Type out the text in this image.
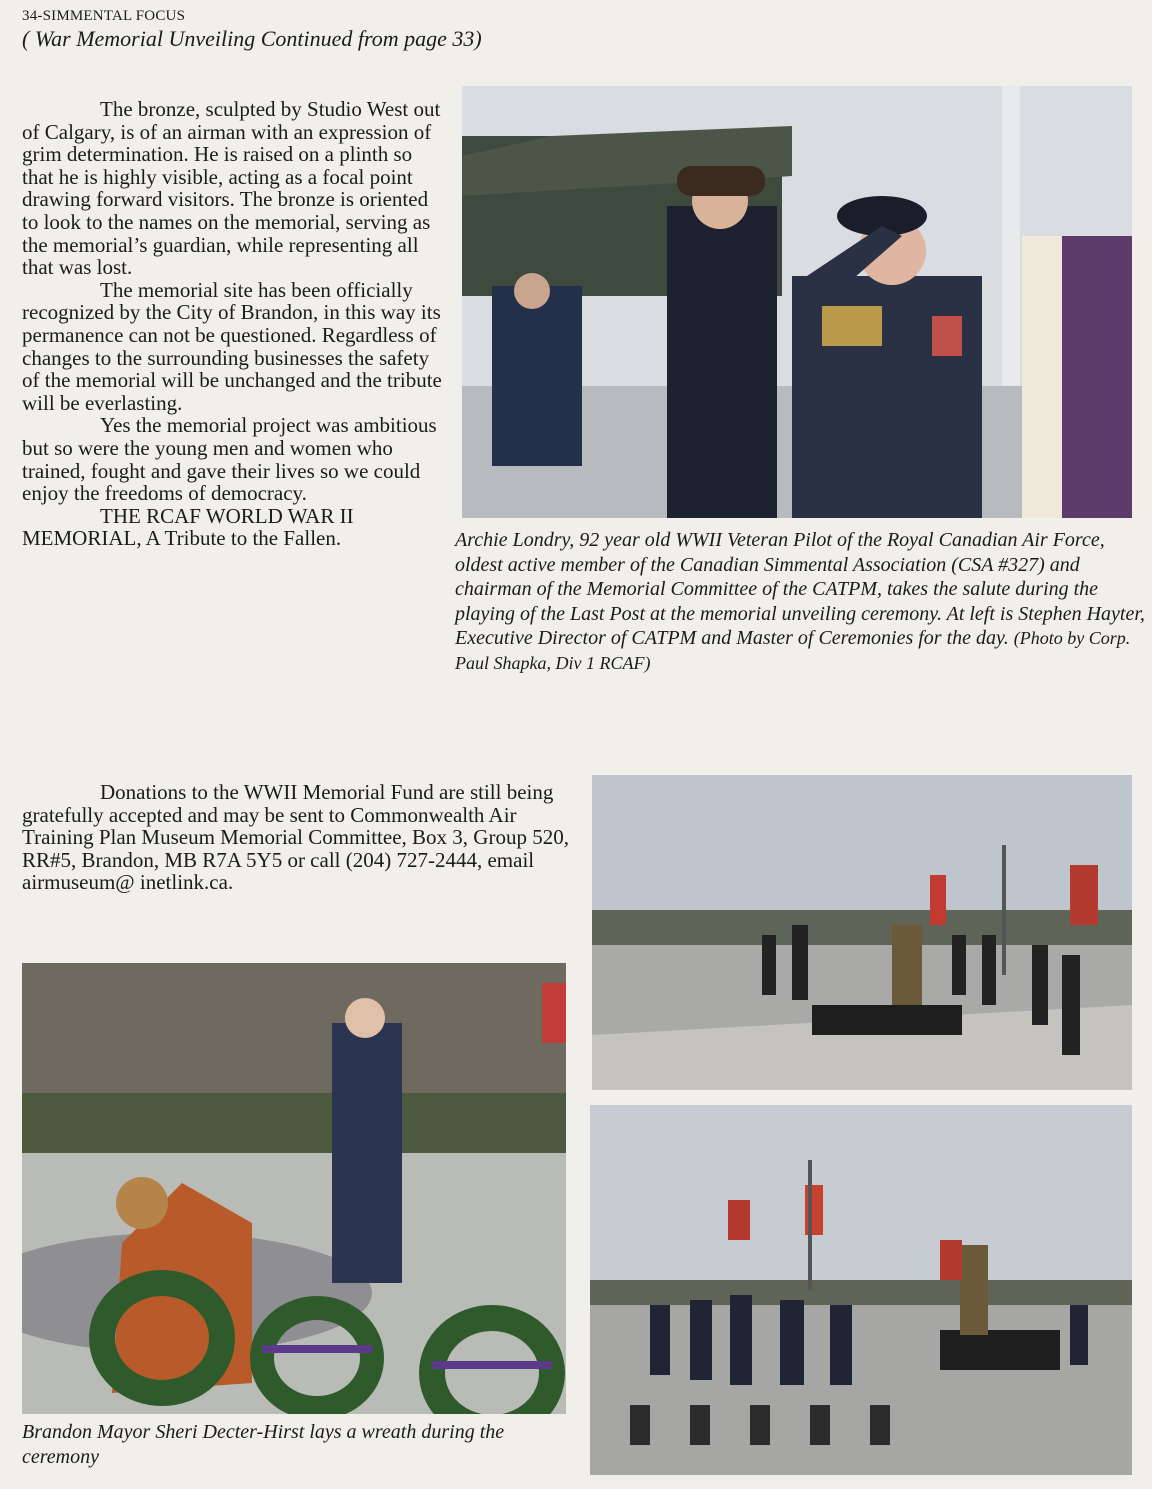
34-SIMMENTAL FOCUS
( War Memorial Unveiling Continued from page 33)

The bronze, sculpted by Studio West out of Calgary, is of an airman with an expression of grim determination. He is raised on a plinth so that he is highly visible, acting as a focal point drawing forward visitors. The bronze is oriented to look to the names on the memorial, serving as the memorial’s guardian, while representing all that was lost.

The memorial site has been officially recognized by the City of Brandon, in this way its permanence can not be questioned. Regardless of changes to the surrounding businesses the safety of the memorial will be unchanged and the tribute will be everlasting.

Yes the memorial project was ambitious but so were the young men and women who trained, fought and gave their lives so we could enjoy the freedoms of democracy.

THE RCAF WORLD WAR II MEMORIAL, A Tribute to the Fallen.

Donations to the WWII Memorial Fund are still being gratefully accepted and may be sent to Commonwealth Air Training Plan Museum Memorial Committee, Box 3, Group 520, RR#5, Brandon, MB R7A 5Y5 or call (204) 727-2444, email airmuseum@ inetlink.ca.

Archie Londry, 92 year old WWII Veteran Pilot of the Royal Canadian Air Force, oldest active member of the Canadian Simmental Association (CSA #327) and chairman of the Memorial Committee of the CATPM, takes the salute during the playing of the Last Post at the memorial unveiling ceremony. At left is Stephen Hayter, Executive Director of CATPM and Master of Ceremonies for the day. (Photo by Corp. Paul Shapka, Div 1 RCAF)
Brandon Mayor Sheri Decter-Hirst lays a wreath during the ceremony
